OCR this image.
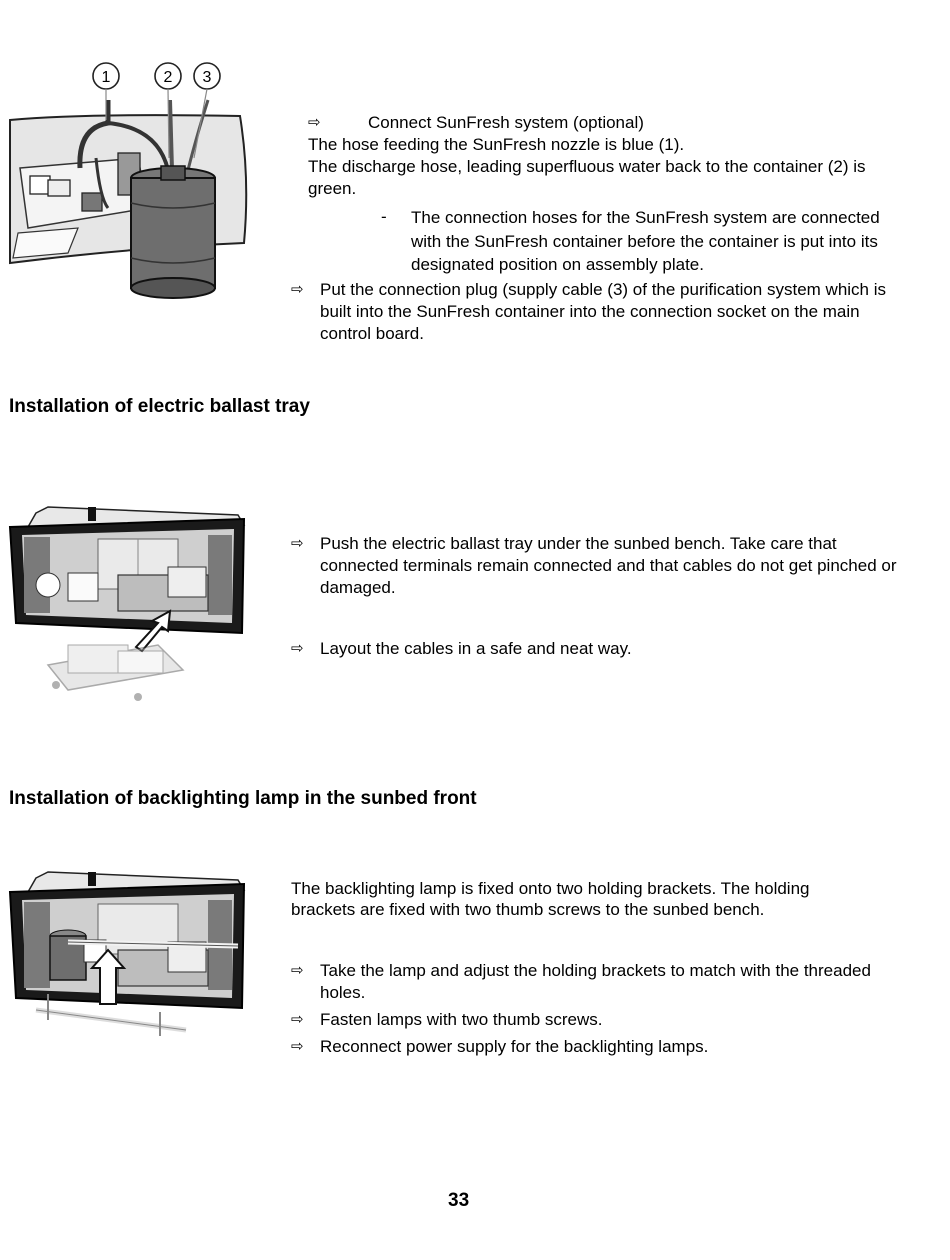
1	2 3
⇨	Connect SunFresh system (optional)
The hose feeding the SunFresh nozzle is blue (1).
The discharge hose, leading superfluous water back to the container (2) is green.
- The connection hoses for the SunFresh system are connected with the SunFresh container before the container is put into its designated position on assembly plate.
⇨ Put the connection plug (supply cable (3) of the purification system which is built into the SunFresh container into the connection socket on the main control board.
Installation of electric ballast tray
⇨ Push the electric ballast tray under the sunbed bench. Take care that connected terminals remain connected and that cables do not get pinched or damaged.
⇨ Layout the cables in a safe and neat way.
Installation of backlighting lamp in the sunbed front
The backlighting lamp is fixed onto two holding brackets. The holding brackets are fixed with two thumb screws to the sunbed bench.
⇨ Take the lamp and adjust the holding brackets to match with the threaded holes.
⇨ Fasten lamps with two thumb screws.
⇨ Reconnect power supply for the backlighting lamps.
33
